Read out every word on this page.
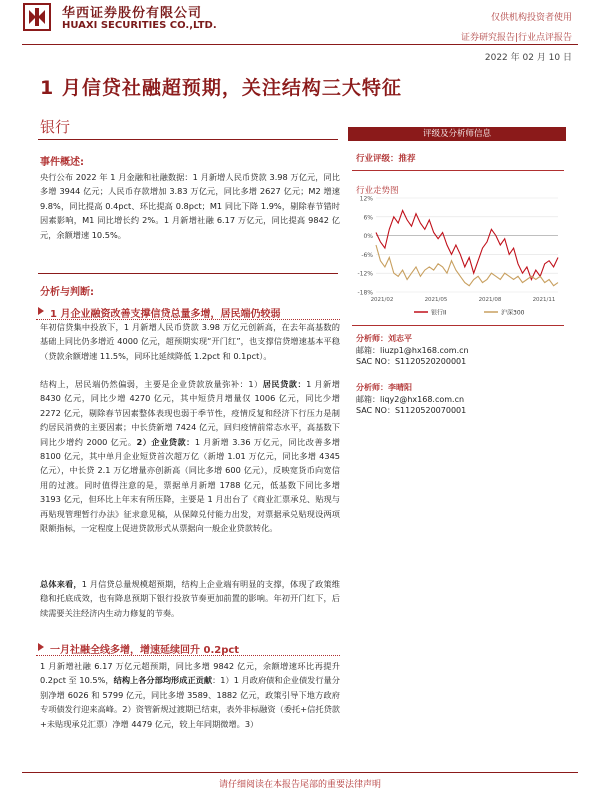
华西证券股份有限公司
HUAXI SECURITIES CO.,LTD.
仅供机构投资者使用
证券研究报告|行业点评报告
2022 年 02 月 10 日
1 月信贷社融超预期，关注结构三大特征
银行
事件概述:

央行公布 2022 年 1 月金融和社融数据：1 月新增人民币贷款 3.98 万亿元，同比多增 3944 亿元；人民币存款增加 3.83 万亿元，同比多增 2627 亿元；M2 增速 9.8%，同比提高 0.4pct、环比提高 0.8pct；M1 同比下降 1.9%，剔除春节错时因素影响，M1 同比增长约 2%。1 月新增社融 6.17 万亿元，同比提高 9842 亿元，余额增速 10.5%。

分析与判断:
1 月企业融资改善支撑信贷总量多增，居民端仍较弱

年初信贷集中投放下，1 月新增人民币贷款 3.98 万亿元创新高，在去年高基数的基础上同比仍多增近 4000 亿元，超预期实现“开门红”，也支撑信贷增速基本平稳（贷款余额增速 11.5%，同环比延续降低 1.2pct 和 0.1pct）。

结构上，居民端仍然偏弱，主要是企业贷款放量弥补：1）居民贷款：1 月新增 8430 亿元，同比少增 4270 亿元，其中短贷月增量仅 1006 亿元，同比少增 2272 亿元，剔除春节因素整体表现也弱于季节性，疫情反复和经济下行压力是制约居民消费的主要因素；中长贷新增 7424 亿元，回归疫情前常态水平，高基数下同比少增约 2000 亿元。2）企业贷款：1 月新增 3.36 万亿元，同比改善多增 8100 亿元，其中单月企业短贷首次超万亿（新增 1.01 万亿元，同比多增 4345 亿元），中长贷 2.1 万亿增量亦创新高（同比多增 600 亿元），反映宽货币向宽信用的过渡。同时值得注意的是，票据单月新增 1788 亿元，低基数下同比多增 3193 亿元，但环比上年末有所压降，主要是 1 月出台了《商业汇票承兑、贴现与再贴现管理暂行办法》征求意见稿，从保障兑付能力出发，对票据承兑贴现设两项限额指标，一定程度上促进贷款形式从票据向一般企业贷款转化。

总体来看，1 月信贷总量规模超预期，结构上企业端有明显的支撑，体现了政策维稳和托底成效，也有降息预期下银行投放节奏更加前置的影响。年初开门红下，后续需要关注经济内生动力修复的节奏。

一月社融全线多增，增速延续回升 0.2pct

1 月新增社融 6.17 万亿元超预期，同比多增 9842 亿元，余额增速环比再提升 0.2pct 至 10.5%，结构上各分部均形成正贡献：1）1 月政府债和企业债发行量分别净增 6026 和 5799 亿元，同比多增 3589、1882 亿元，政策引导下地方政府专项债发行迎来高峰。2）资管新规过渡期已结束，表外非标融资（委托+信托贷款+未贴现承兑汇票）净增 4479 亿元，较上年同期微增。3）

评级及分析师信息
行业评级：推荐
行业走势图
12%
6%
0%
-6%
-12%
-18%
2021/02	2021/05	2021/08	2021/11
银行II	沪深300
分析师：刘志平
邮箱：liuzp1@hx168.com.cn
SAC NO：S1120520200001
分析师：李晴阳
邮箱：liqy2@hx168.com.cn
SAC NO：S1120520070001
请仔细阅读在本报告尾部的重要法律声明
